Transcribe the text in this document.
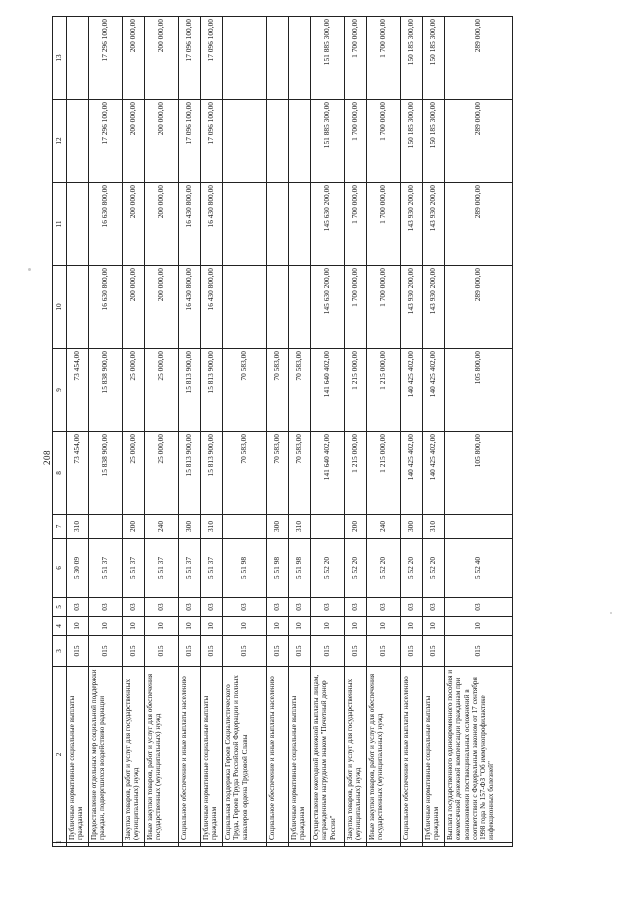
208
1	2	3	4	5	6	7	8	9	10	11	12	13
	Публичные нормативные социальные выплаты гражданам	015	10	03	5 30 09	310	73 454,00	73 454,00				
	Предоставление отдельных мер социальной поддержки граждан, подвергшихся воздействию радиации	015	10	03	5 51 37		15 838 900,00	15 838 900,00	16 630 800,00	16 630 800,00	17 296 100,00	17 296 100,00
	Закупка товаров, работ и услуг для государственных (муниципальных) нужд	015	10	03	5 51 37	200	25 000,00	25 000,00	200 000,00	200 000,00	200 000,00	200 000,00
	Иные закупки товаров, работ и услуг для обеспечения государственных (муниципальных) нужд	015	10	03	5 51 37	240	25 000,00	25 000,00	200 000,00	200 000,00	200 000,00	200 000,00
	Социальное обеспечение и иные выплаты населению	015	10	03	5 51 37	300	15 813 900,00	15 813 900,00	16 430 800,00	16 430 800,00	17 096 100,00	17 096 100,00
	Публичные нормативные социальные выплаты гражданам	015	10	03	5 51 37	310	15 813 900,00	15 813 900,00	16 430 800,00	16 430 800,00	17 096 100,00	17 096 100,00
	Социальная поддержка Героев Социалистического Труда, Героев Труда Российской Федерации и полных кавалеров ордена Трудовой Славы	015	10	03	5 51 98		70 583,00	70 583,00				
	Социальное обеспечение и иные выплаты населению	015	10	03	5 51 98	300	70 583,00	70 583,00				
	Публичные нормативные социальные выплаты гражданам	015	10	03	5 51 98	310	70 583,00	70 583,00				
	Осуществление ежегодной денежной выплаты лицам, награжденным нагрудным знаком "Почетный донор России"	015	10	03	5 52 20		141 640 402,00	141 640 402,00	145 630 200,00	145 630 200,00	151 885 300,00	151 885 300,00
	Закупка товаров, работ и услуг для государственных (муниципальных) нужд	015	10	03	5 52 20	200	1 215 000,00	1 215 000,00	1 700 000,00	1 700 000,00	1 700 000,00	1 700 000,00
	Иные закупки товаров, работ и услуг для обеспечения государственных (муниципальных) нужд	015	10	03	5 52 20	240	1 215 000,00	1 215 000,00	1 700 000,00	1 700 000,00	1 700 000,00	1 700 000,00
	Социальное обеспечение и иные выплаты населению	015	10	03	5 52 20	300	140 425 402,00	140 425 402,00	143 930 200,00	143 930 200,00	150 185 300,00	150 185 300,00
	Публичные нормативные социальные выплаты гражданам	015	10	03	5 52 20	310	140 425 402,00	140 425 402,00	143 930 200,00	143 930 200,00	150 185 300,00	150 185 300,00
	Выплата государственного единовременного пособия и ежемесячной денежной компенсации гражданам при возникновении поствакцинальных осложнений в соответствии с Федеральным законом от 17 сентября 1998 года № 157-ФЗ "Об иммунопрофилактике инфекционных болезней"	015	10	03	5 52 40		105 800,00	105 800,00	289 000,00	289 000,00	289 000,00	289 000,00
